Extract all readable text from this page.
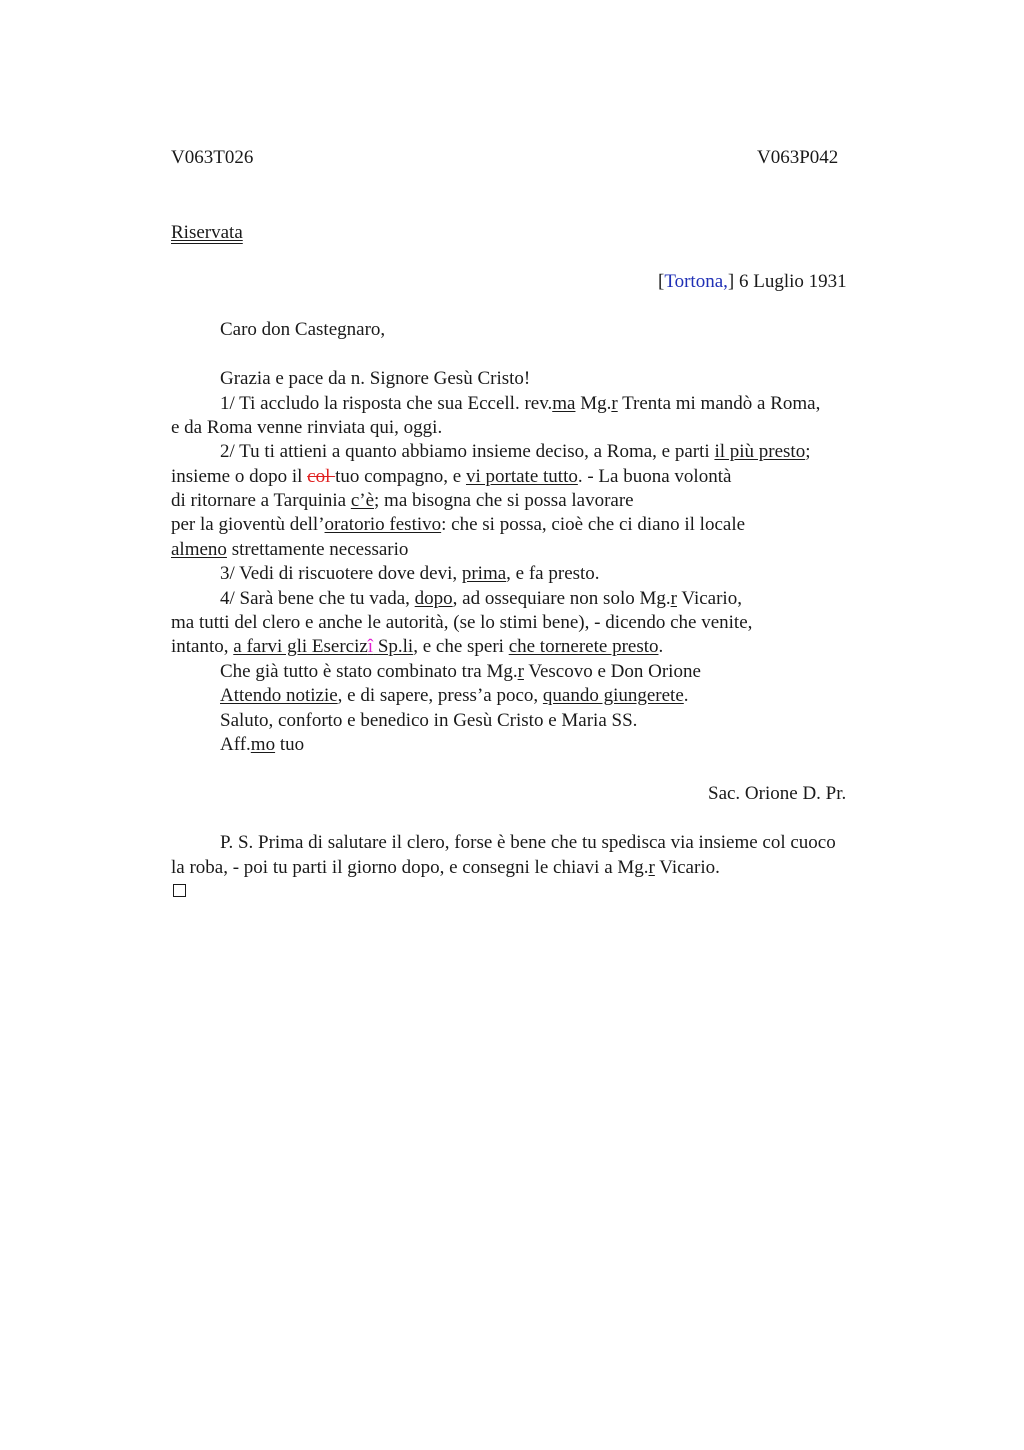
V063T026	V063P042
Riservata
[Tortona,] 6 Luglio 1931
Caro don Castegnaro,
Grazia e pace da n. Signore Gesù Cristo!
1/ Ti accludo la risposta che sua Eccell. rev.ma Mg.r Trenta mi mandò a Roma,
e da Roma venne rinviata qui, oggi.
2/ Tu ti attieni a quanto abbiamo insieme deciso, a Roma, e parti il più presto;
insieme o dopo il col tuo compagno, e vi portate tutto. - La buona volontà
di ritornare a Tarquinia c’è; ma bisogna che si possa lavorare
per la gioventù dell’oratorio festivo: che si possa, cioè che ci diano il locale
almeno strettamente necessario
3/ Vedi di riscuotere dove devi, prima, e fa presto.
4/ Sarà bene che tu vada, dopo, ad ossequiare non solo Mg.r Vicario,
ma tutti del clero e anche le autorità, (se lo stimi bene), - dicendo che venite,
intanto, a farvi gli Esercizî Sp.li, e che speri che tornerete presto.
Che già tutto è stato combinato tra Mg.r Vescovo e Don Orione
Attendo notizie, e di sapere, press’a poco, quando giungerete.
Saluto, conforto e benedico in Gesù Cristo e Maria SS.
Aff.mo tuo
Sac. Orione D. Pr.
P. S. Prima di salutare il clero, forse è bene che tu spedisca via insieme col cuoco
la roba, - poi tu parti il giorno dopo, e consegni le chiavi a Mg.r Vicario.
